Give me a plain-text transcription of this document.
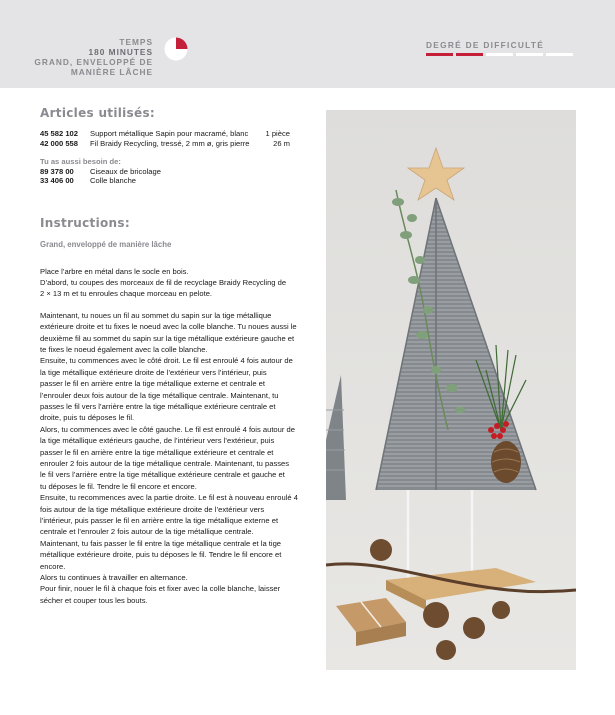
TEMPS
180 MINUTES
GRAND, ENVELOPPÉ DE
MANIÈRE LÂCHE
DEGRÉ DE DIFFICULTÉ
Articles utilisés:
45 582 102	Support métallique Sapin pour macramé, blanc	1 pièce
42 000 558	Fil Braidy Recycling, tressé, 2 mm ø, gris pierre	26 m
Tu as aussi besoin de:
89 378 00	Ciseaux de bricolage
33 406 00	Colle blanche
Instructions:
Grand, enveloppé de manière lâche

Place l’arbre en métal dans le socle en bois.
D’abord, tu coupes des morceaux de fil de recyclage Braidy Recycling de
2 × 13 m et tu enroules chaque morceau en pelote.

Maintenant, tu noues un fil au sommet du sapin sur la tige métallique
extérieure droite et tu fixes le noeud avec la colle blanche. Tu noues aussi le
deuxième fil au sommet du sapin sur la tige métallique extérieure gauche et
te fixes le noeud également avec la colle blanche.
Ensuite, tu commences avec le côté droit. Le fil est enroulé 4 fois autour de
la tige métallique extérieure droite de l’extérieur vers l’intérieur, puis
passer le fil en arrière entre la tige métallique externe et centrale et
l’enrouler deux fois autour de la tige métallique centrale. Maintenant, tu
passes le fil vers l’arrière entre la tige métallique extérieure centrale et
droite, puis tu déposes le fil.
Alors, tu commences avec le côté gauche. Le fil est enroulé 4 fois autour de
la tige métallique extérieurs gauche, de l’intérieur vers l’extérieur, puis
passer le fil en arrière entre la tige métallique extérieure et centrale et
enrouler 2 fois autour de la tige métallique centrale. Maintenant, tu passes
le fil vers l’arrière entre la tige métallique extérieure centrale et gauche et
tu déposes le fil. Tendre le fil encore et encore.
Ensuite, tu recommences avec la partie droite. Le fil est à nouveau enroulé 4
fois autour de la tige métallique extérieure droite de l’extérieur vers
l’intérieur, puis passer le fil en arrière entre la tige métallique externe et
centrale et l’enrouler 2 fois autour de la tige métallique centrale.
Maintenant, tu fais passer le fil entre la tige métallique centrale et la tige
métallique extérieure droite, puis tu déposes le fil. Tendre le fil encore et
encore.
Alors tu continues à travailler en alternance.
Pour finir, nouer le fil à chaque fois et fixer avec la colle blanche, laisser
sécher et couper tous les bouts.
